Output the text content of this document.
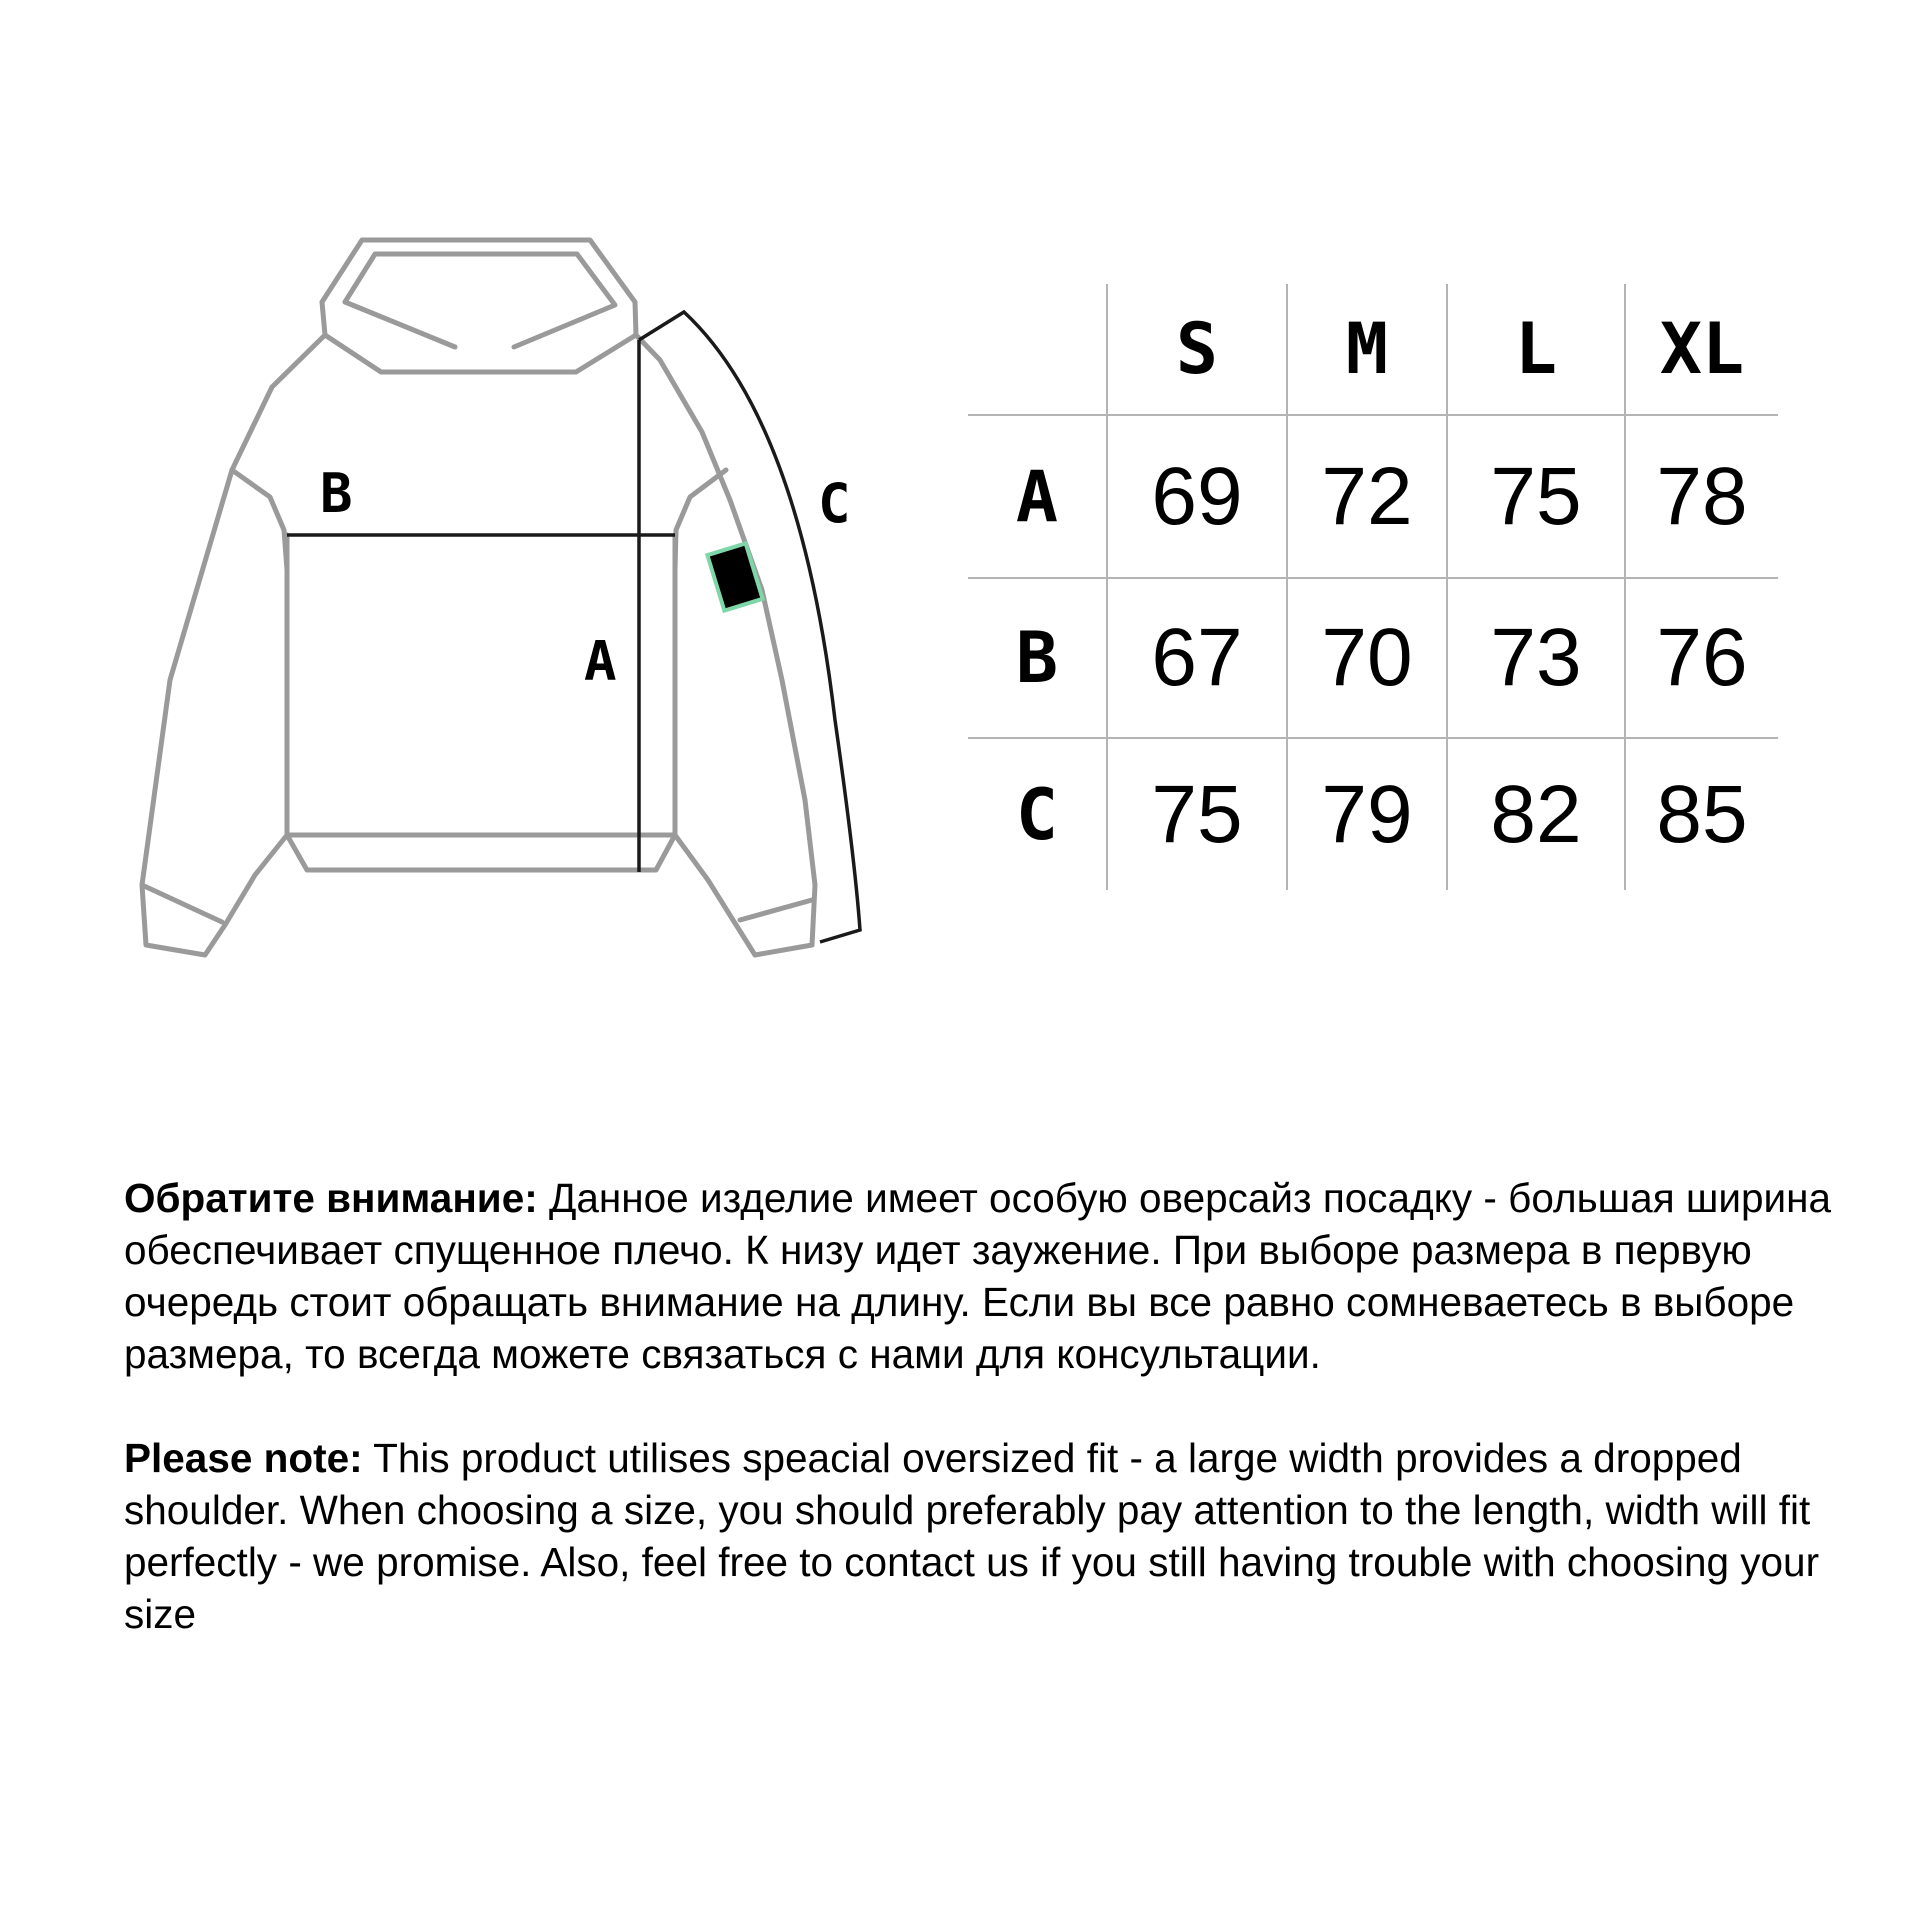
B
A
C
S	M	L	XL
A	69 72 75 78
B	67 70 73 76
C	75 79 82 85

Обратите внимание: Данное изделие имеет особую оверсайз посадку - большая ширина обеспечивает спущенное плечо. К низу идет заужение. При выборе размера в первую очередь стоит обращать внимание на длину. Если вы все равно сомневаетесь в выборе размера, то всегда можете связаться с нами для консультации.

Please note: This product utilises speacial oversized fit - a large width provides a dropped shoulder. When choosing a size, you should preferably pay attention to the length, width will fit perfectly - we promise. Also, feel free to contact us if you still having trouble with choosing your size
